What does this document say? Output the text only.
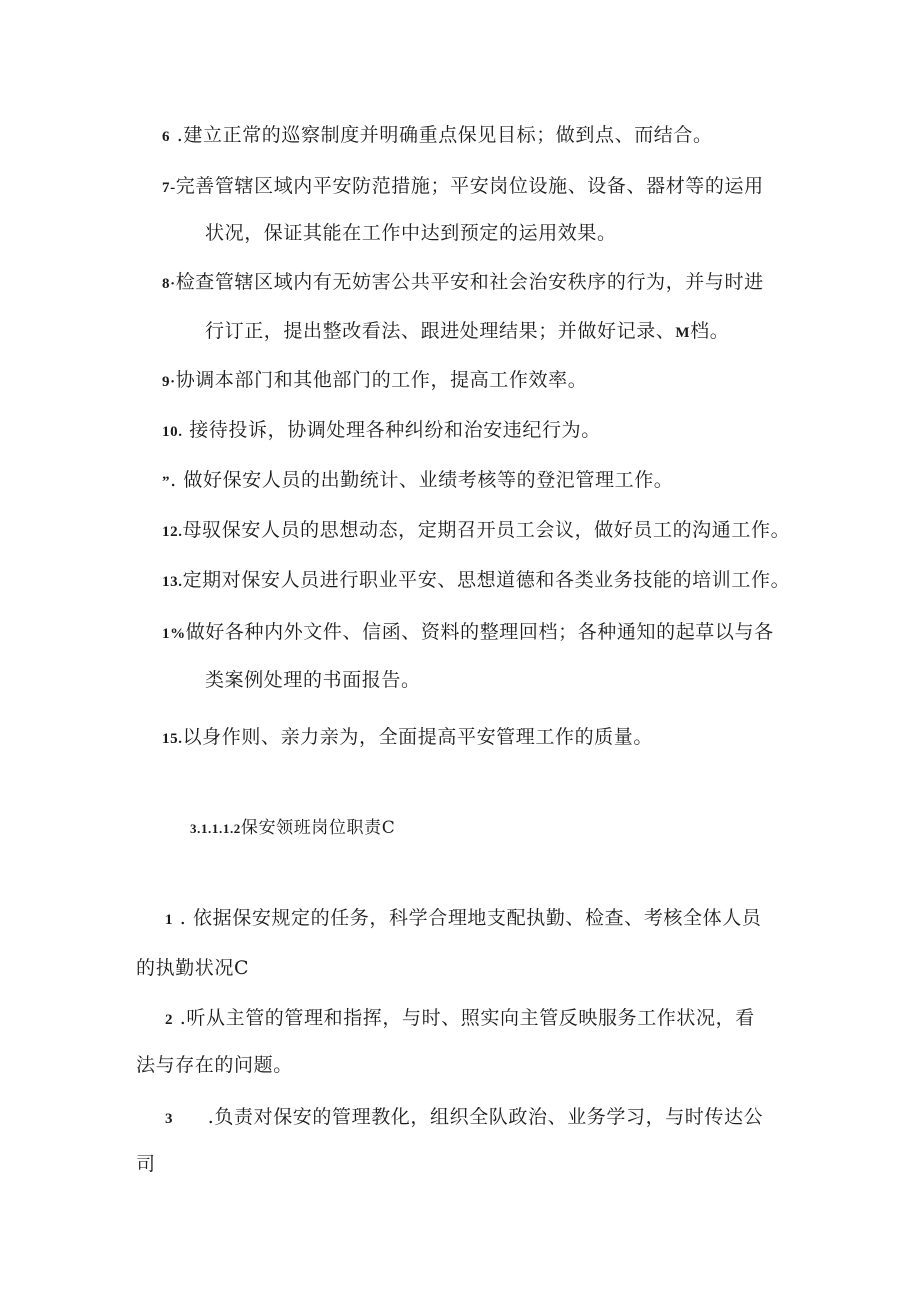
6 .建立正常的巡察制度并明确重点保见目标；做到点、而结合。
7-完善管辖区域内平安防范措施；平安岗位设施、设备、器材等的运用
状况，保证其能在工作中达到预定的运用效果。
8·检查管辖区域内有无妨害公共平安和社会治安秩序的行为，并与时进
行订正，提出整改看法、跟进处理结果；并做好记录、M档。
9·协调本部门和其他部门的工作，提高工作效率。
10. 接待投诉，协调处理各种纠纷和治安违纪行为。
”. 做好保安人员的出勤统计、业绩考核等的登汜管理工作。
12.母驭保安人员的思想动态，定期召开员工会议，做好员工的沟通工作。
13.定期对保安人员进行职业平安、思想道德和各类业务技能的培训工作。
1%做好各种内外文件、信函、资料的整理回档；各种通知的起草以与各
类案例处理的书面报告。
15.以身作则、亲力亲为，全面提高平安管理工作的质量。
3.1.1.1.2保安领班岗位职责C
1 . 依据保安规定的任务，科学合理地支配执勤、检查、考核全体人员
的执勤状况C
2 .听从主管的管理和指挥，与时、照实向主管反映服务工作状况，看
法与存在的问题。
3 .负责对保安的管理教化，组织全队政治、业务学习，与时传达公
司
